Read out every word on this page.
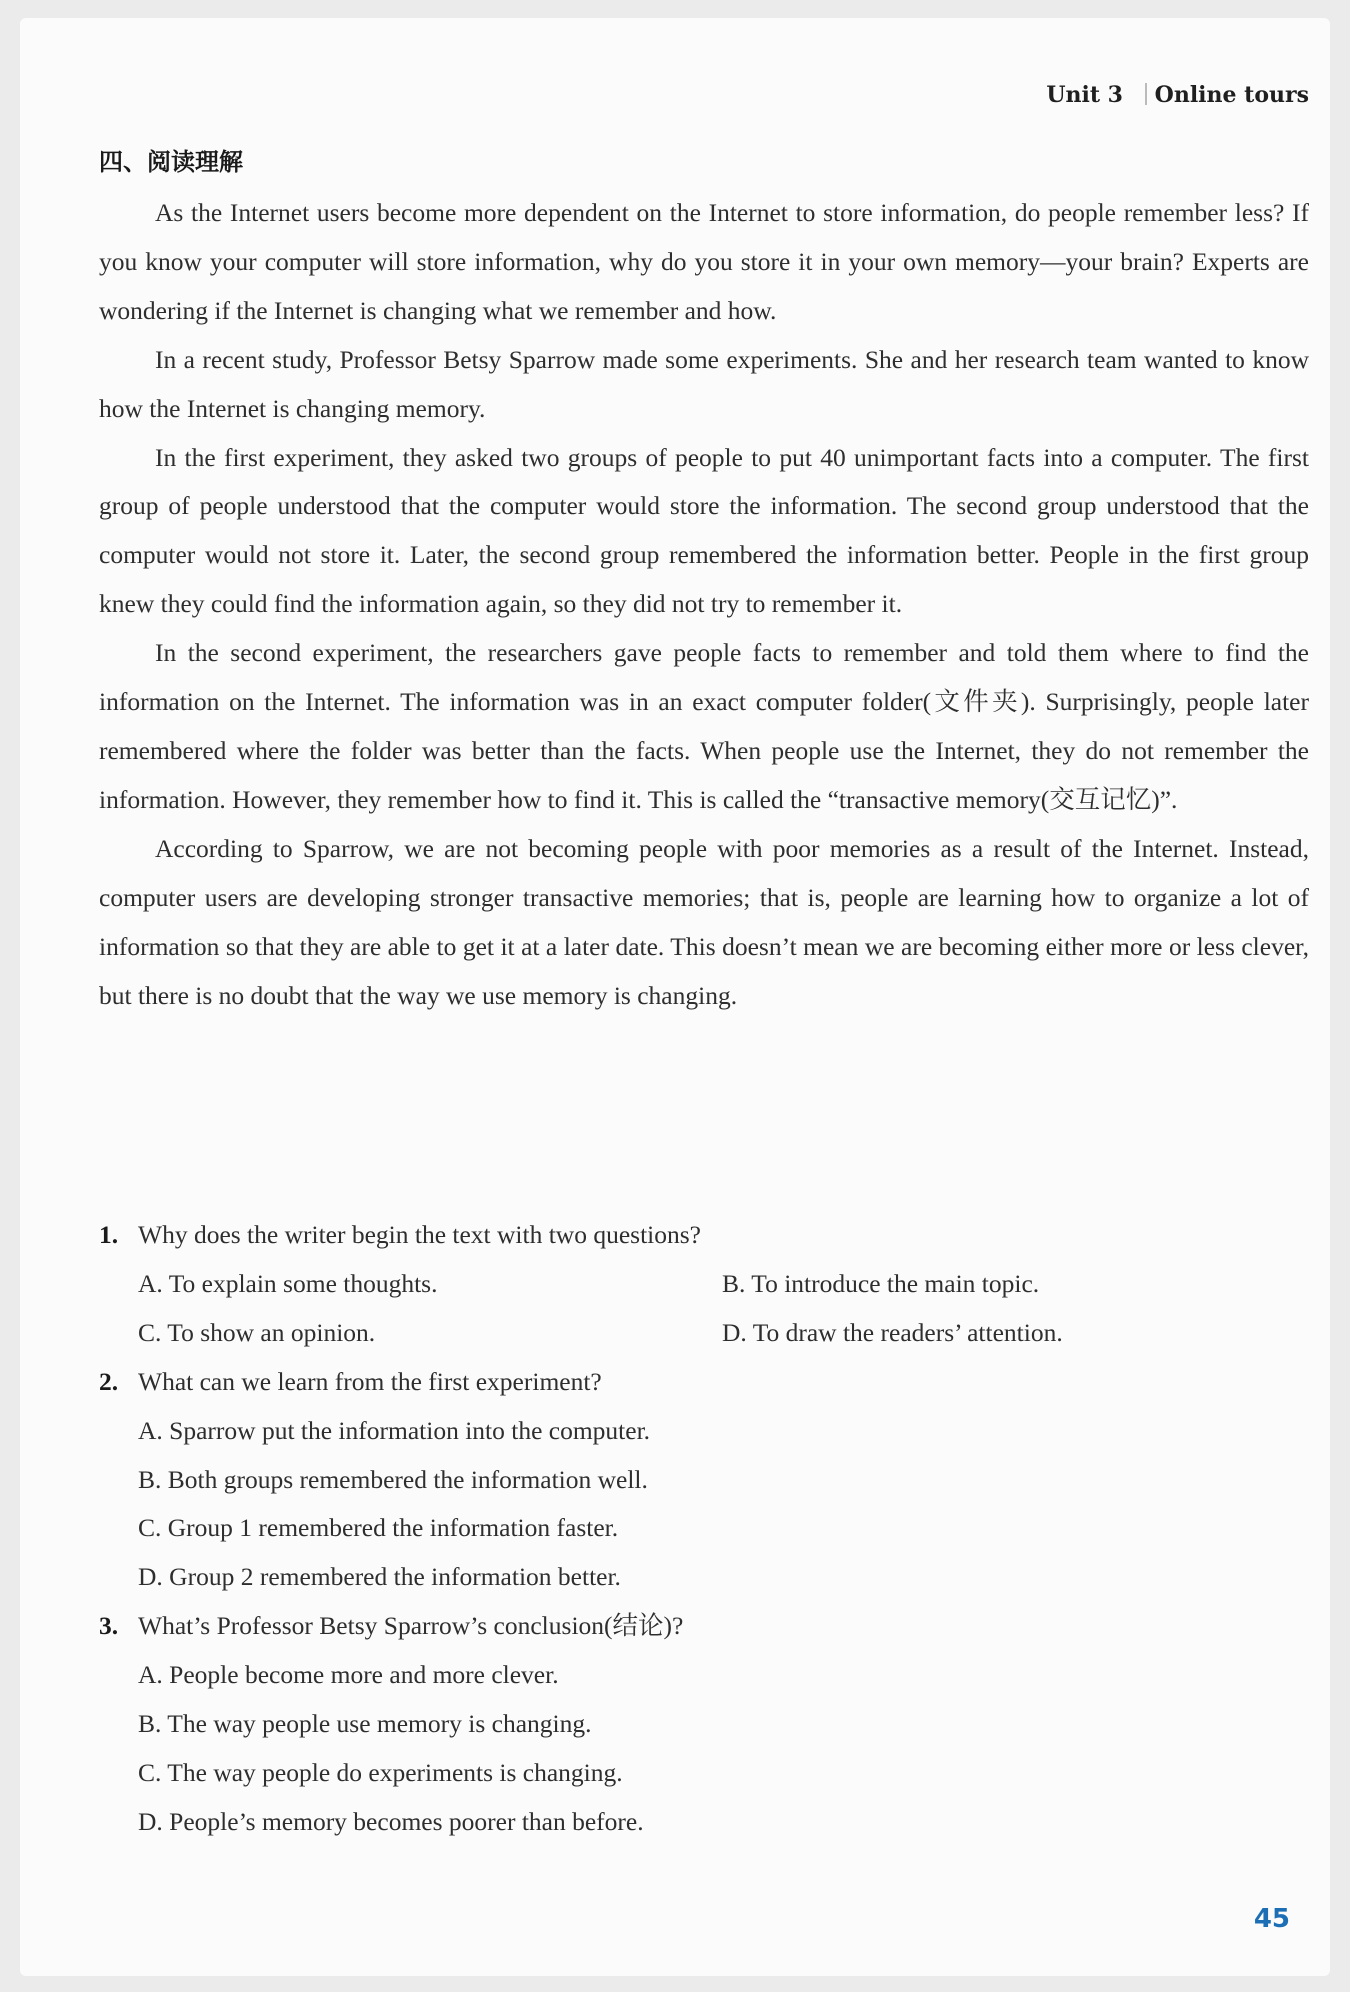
Unit 3 Online tours
四、阅读理解

As the Internet users become more dependent on the Internet to store information, do people remember less? If you know your computer will store information, why do you store it in your own memory—your brain? Experts are wondering if the Internet is changing what we remember and how.

In a recent study, Professor Betsy Sparrow made some experiments. She and her research team wanted to know how the Internet is changing memory.

In the first experiment, they asked two groups of people to put 40 unimportant facts into a computer. The first group of people understood that the computer would store the information. The second group understood that the computer would not store it. Later, the second group remembered the information better. People in the first group knew they could find the information again, so they did not try to remember it.

In the second experiment, the researchers gave people facts to remember and told them where to find the information on the Internet. The information was in an exact computer folder(文件夹). Surprisingly, people later remembered where the folder was better than the facts. When people use the Internet, they do not remember the information. However, they remember how to find it. This is called the “transactive memory(交互记忆)”.

According to Sparrow, we are not becoming people with poor memories as a result of the Internet. Instead, computer users are developing stronger transactive memories; that is, people are learning how to organize a lot of information so that they are able to get it at a later date. This doesn’t mean we are becoming either more or less clever, but there is no doubt that the way we use memory is changing.

1. Why does the writer begin the text with two questions?
A. To explain some thoughts.	B. To introduce the main topic.
C. To show an opinion.	D. To draw the readers’ attention.
2. What can we learn from the first experiment?
A. Sparrow put the information into the computer.
B. Both groups remembered the information well.
C. Group 1 remembered the information faster.
D. Group 2 remembered the information better.
3. What’s Professor Betsy Sparrow’s conclusion(结论)?
A. People become more and more clever.
B. The way people use memory is changing.
C. The way people do experiments is changing.
D. People’s memory becomes poorer than before.
45
